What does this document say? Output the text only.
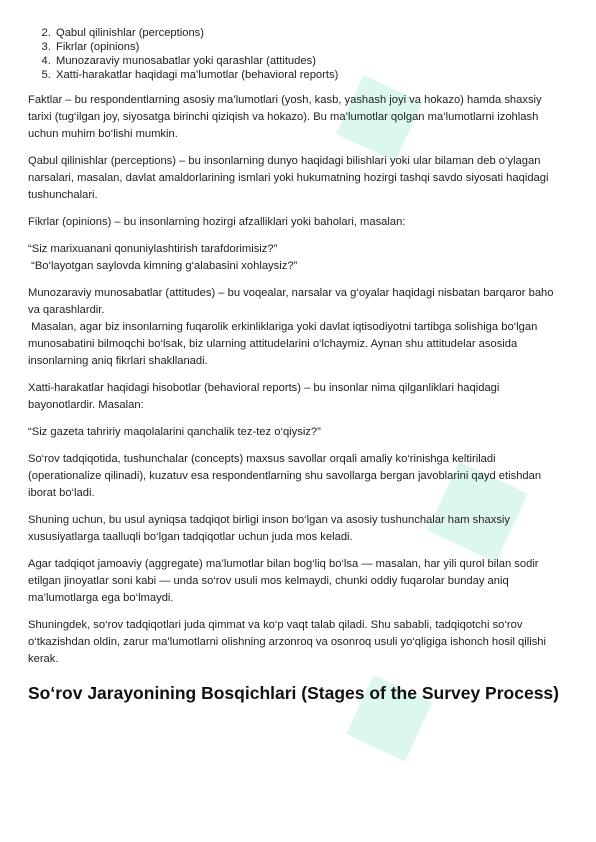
◆
◆
◆
2. Qabul qilinishlar (perceptions)
3. Fikrlar (opinions)
4. Munozaraviy munosabatlar yoki qarashlar (attitudes)
5. Xatti-harakatlar haqidagi ma’lumotlar (behavioral reports)

Faktlar – bu respondentlarning asosiy ma’lumotlari (yosh, kasb, yashash joyi va hokazo) hamda shaxsiy tarixi (tug‘ilgan joy, siyosatga birinchi qiziqish va hokazo). Bu ma’lumotlar qolgan ma’lumotlarni izohlash uchun muhim bo‘lishi mumkin.

Qabul qilinishlar (perceptions) – bu insonlarning dunyo haqidagi bilishlari yoki ular bilaman deb o‘ylagan narsalari, masalan, davlat amaldorlarining ismlari yoki hukumatning hozirgi tashqi savdo siyosati haqidagi tushunchalari.

Fikrlar (opinions) – bu insonlarning hozirgi afzalliklari yoki baholari, masalan:

“Siz marixuanani qonuniylashtirish tarafdorimisiz?”
“Bo‘layotgan saylovda kimning g‘alabasini xohlaysiz?”

Munozaraviy munosabatlar (attitudes) – bu voqealar, narsalar va g‘oyalar haqidagi nisbatan barqaror baho va qarashlardir.
Masalan, agar biz insonlarning fuqarolik erkinliklariga yoki davlat iqtisodiyotni tartibga solishiga bo‘lgan munosabatini bilmoqchi bo‘lsak, biz ularning attitudelarini o‘lchaymiz. Aynan shu attitudelar asosida insonlarning aniq fikrlari shakllanadi.

Xatti-harakatlar haqidagi hisobotlar (behavioral reports) – bu insonlar nima qilganliklari haqidagi bayonotlardir. Masalan:

“Siz gazeta tahririy maqolalarini qanchalik tez-tez o‘qiysiz?”

So‘rov tadqiqotida, tushunchalar (concepts) maxsus savollar orqali amaliy ko‘rinishga keltiriladi (operationalize qilinadi), kuzatuv esa respondentlarning shu savollarga bergan javoblarini qayd etishdan iborat bo‘ladi.

Shuning uchun, bu usul ayniqsa tadqiqot birligi inson bo‘lgan va asosiy tushunchalar ham shaxsiy xususiyatlarga taalluqli bo‘lgan tadqiqotlar uchun juda mos keladi.

Agar tadqiqot jamoaviy (aggregate) ma’lumotlar bilan bog‘liq bo‘lsa — masalan, har yili qurol bilan sodir etilgan jinoyatlar soni kabi — unda so‘rov usuli mos kelmaydi, chunki oddiy fuqarolar bunday aniq ma’lumotlarga ega bo‘lmaydi.

Shuningdek, so‘rov tadqiqotlari juda qimmat va ko‘p vaqt talab qiladi. Shu sababli, tadqiqotchi so‘rov o‘tkazishdan oldin, zarur ma’lumotlarni olishning arzonroq va osonroq usuli yo‘qligiga ishonch hosil qilishi kerak.

So‘rov Jarayonining Bosqichlari (Stages of the Survey Process)
